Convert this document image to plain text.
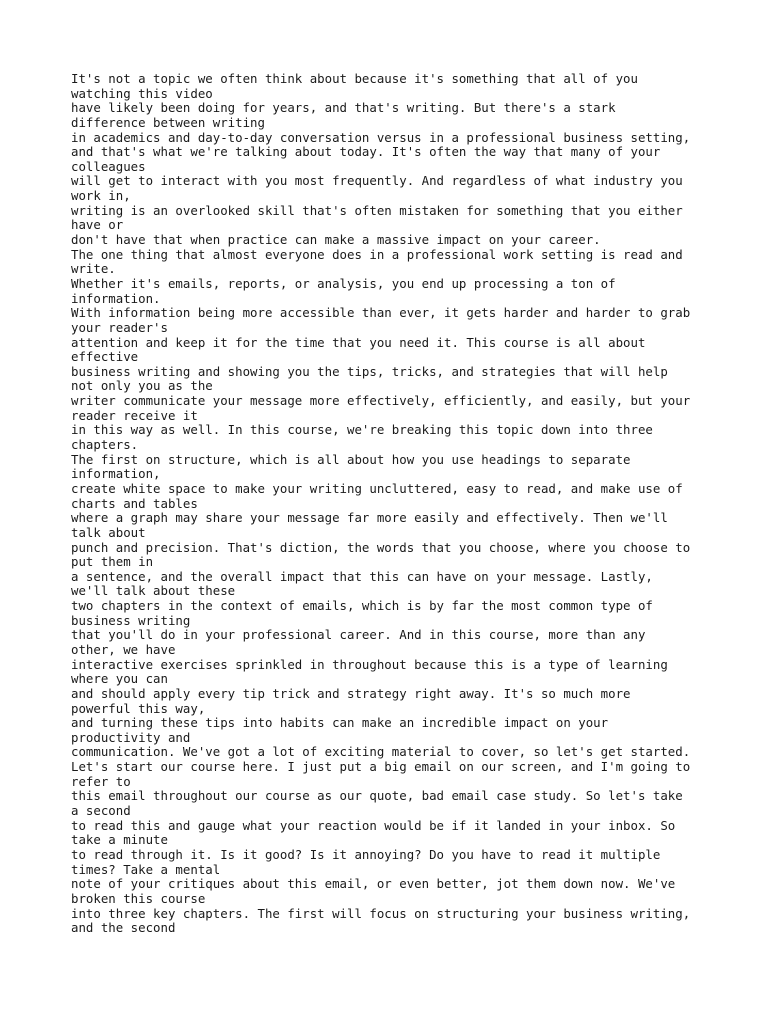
It's not a topic we often think about because it's something that all of you
watching this video
have likely been doing for years, and that's writing. But there's a stark
difference between writing
in academics and day-to-day conversation versus in a professional business setting,
and that's what we're talking about today. It's often the way that many of your
colleagues
will get to interact with you most frequently. And regardless of what industry you
work in,
writing is an overlooked skill that's often mistaken for something that you either
have or
don't have that when practice can make a massive impact on your career.
The one thing that almost everyone does in a professional work setting is read and
write.
Whether it's emails, reports, or analysis, you end up processing a ton of
information.
With information being more accessible than ever, it gets harder and harder to grab
your reader's
attention and keep it for the time that you need it. This course is all about
effective
business writing and showing you the tips, tricks, and strategies that will help
not only you as the
writer communicate your message more effectively, efficiently, and easily, but your
reader receive it
in this way as well. In this course, we're breaking this topic down into three
chapters.
The first on structure, which is all about how you use headings to separate
information,
create white space to make your writing uncluttered, easy to read, and make use of
charts and tables
where a graph may share your message far more easily and effectively. Then we'll
talk about
punch and precision. That's diction, the words that you choose, where you choose to
put them in
a sentence, and the overall impact that this can have on your message. Lastly,
we'll talk about these
two chapters in the context of emails, which is by far the most common type of
business writing
that you'll do in your professional career. And in this course, more than any
other, we have
interactive exercises sprinkled in throughout because this is a type of learning
where you can
and should apply every tip trick and strategy right away. It's so much more
powerful this way,
and turning these tips into habits can make an incredible impact on your
productivity and
communication. We've got a lot of exciting material to cover, so let's get started.
Let's start our course here. I just put a big email on our screen, and I'm going to
refer to
this email throughout our course as our quote, bad email case study. So let's take
a second
to read this and gauge what your reaction would be if it landed in your inbox. So
take a minute
to read through it. Is it good? Is it annoying? Do you have to read it multiple
times? Take a mental
note of your critiques about this email, or even better, jot them down now. We've
broken this course
into three key chapters. The first will focus on structuring your business writing,
and the second
